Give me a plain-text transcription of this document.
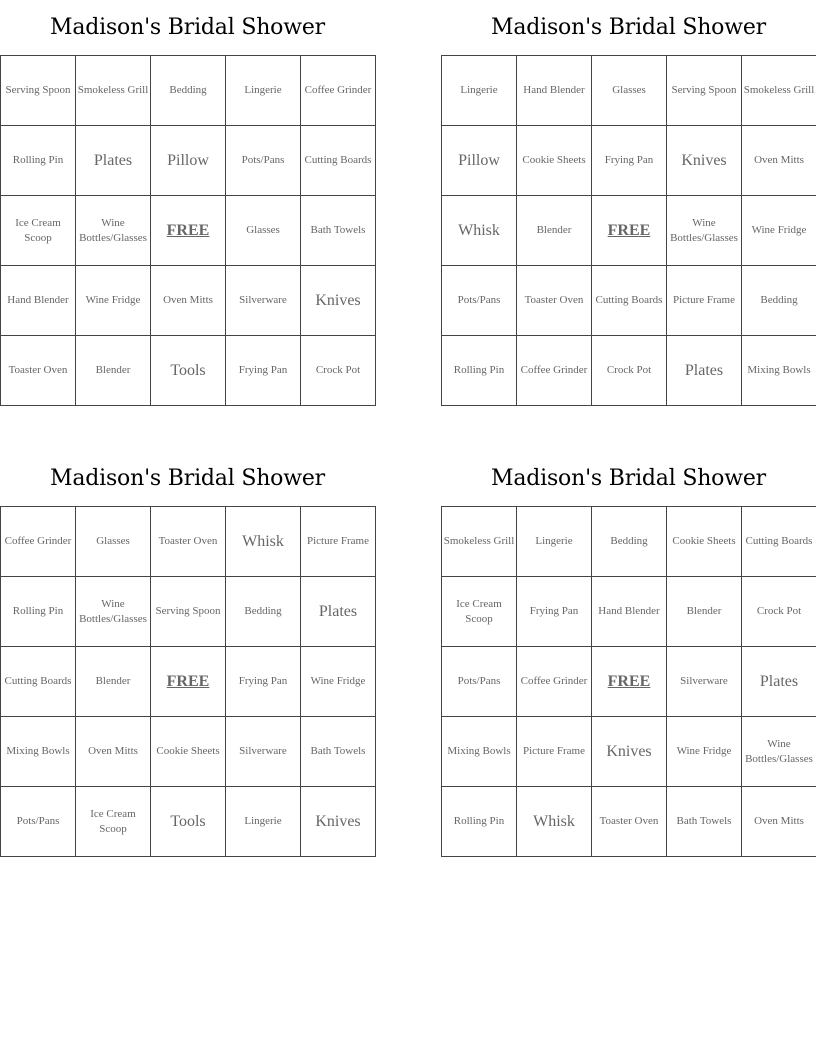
Madison's Bridal Shower
Serving Spoon	Smokeless Grill	Bedding	Lingerie	Coffee Grinder
Rolling Pin	Plates	Pillow	Pots/Pans	Cutting Boards
Ice Cream Scoop	Wine Bottles/Glasses	FREE	Glasses	Bath Towels
Hand Blender	Wine Fridge	Oven Mitts	Silverware	Knives
Toaster Oven	Blender	Tools	Frying Pan	Crock Pot
Madison's Bridal Shower
Lingerie	Hand Blender	Glasses	Serving Spoon	Smokeless Grill
Pillow	Cookie Sheets	Frying Pan	Knives	Oven Mitts
Whisk	Blender	FREE	Wine Bottles/Glasses	Wine Fridge
Pots/Pans	Toaster Oven	Cutting Boards	Picture Frame	Bedding
Rolling Pin	Coffee Grinder	Crock Pot	Plates	Mixing Bowls
Madison's Bridal Shower
Coffee Grinder	Glasses	Toaster Oven	Whisk	Picture Frame
Rolling Pin	Wine Bottles/Glasses	Serving Spoon	Bedding	Plates
Cutting Boards	Blender	FREE	Frying Pan	Wine Fridge
Mixing Bowls	Oven Mitts	Cookie Sheets	Silverware	Bath Towels
Pots/Pans	Ice Cream Scoop	Tools	Lingerie	Knives
Madison's Bridal Shower
Smokeless Grill	Lingerie	Bedding	Cookie Sheets	Cutting Boards
Ice Cream Scoop	Frying Pan	Hand Blender	Blender	Crock Pot
Pots/Pans	Coffee Grinder	FREE	Silverware	Plates
Mixing Bowls	Picture Frame	Knives	Wine Fridge	Wine Bottles/Glasses
Rolling Pin	Whisk	Toaster Oven	Bath Towels	Oven Mitts
